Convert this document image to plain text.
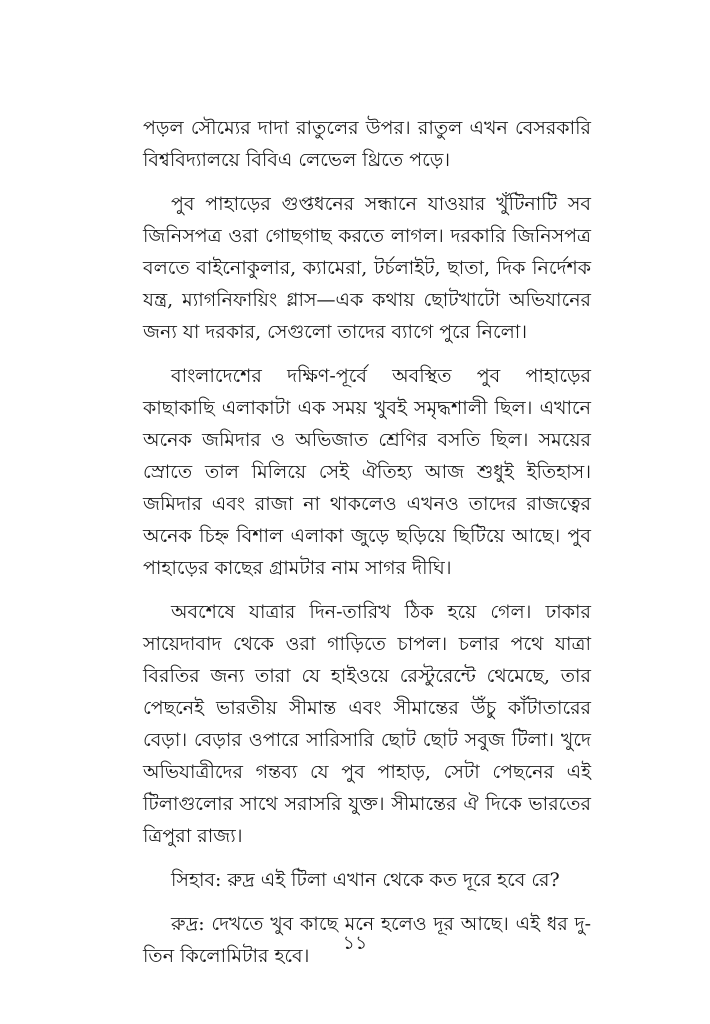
পড়ল সৌম্যের দাদা রাতুলের উপর। রাতুল এখন বেসরকারি বিশ্ববিদ্যালয়ে বিবিএ লেভেল থ্রিতে পড়ে।

পুব পাহাড়ের গুপ্তধনের সন্ধানে যাওয়ার খুঁটিনাটি সব জিনিসপত্র ওরা গোছগাছ করতে লাগল। দরকারি জিনিসপত্র বলতে বাইনোকুলার, ক্যামেরা, টর্চলাইট, ছাতা, দিক নির্দেশক যন্ত্র, ম্যাগনিফায়িং গ্লাস—এক কথায় ছোটখাটো অভিযানের জন্য যা দরকার, সেগুলো তাদের ব্যাগে পুরে নিলো।

বাংলাদেশের দক্ষিণ-পূর্বে অবস্থিত পুব পাহাড়ের কাছাকাছি এলাকাটা এক সময় খুবই সমৃদ্ধশালী ছিল। এখানে অনেক জমিদার ও অভিজাত শ্রেণির বসতি ছিল। সময়ের স্রোতে তাল মিলিয়ে সেই ঐতিহ্য আজ শুধুই ইতিহাস। জমিদার এবং রাজা না থাকলেও এখনও তাদের রাজত্বের অনেক চিহ্ন বিশাল এলাকা জুড়ে ছড়িয়ে ছিটিয়ে আছে। পুব পাহাড়ের কাছের গ্রামটার নাম সাগর দীঘি।

অবশেষে যাত্রার দিন-তারিখ ঠিক হয়ে গেল। ঢাকার সায়েদাবাদ থেকে ওরা গাড়িতে চাপল। চলার পথে যাত্রা বিরতির জন্য তারা যে হাইওয়ে রেস্টুরেন্টে থেমেছে, তার পেছনেই ভারতীয় সীমান্ত এবং সীমান্তের উঁচু কাঁটাতারের বেড়া। বেড়ার ওপারে সারিসারি ছোট ছোট সবুজ টিলা। খুদে অভিযাত্রীদের গন্তব্য যে পুব পাহাড়, সেটা পেছনের এই টিলাগুলোর সাথে সরাসরি যুক্ত। সীমান্তের ঐ দিকে ভারতের ত্রিপুরা রাজ্য।

সিহাব: রুদ্র এই টিলা এখান থেকে কত দূরে হবে রে?

রুদ্র: দেখতে খুব কাছে মনে হলেও দূর আছে। এই ধর দু-তিন কিলোমিটার হবে।

১১
